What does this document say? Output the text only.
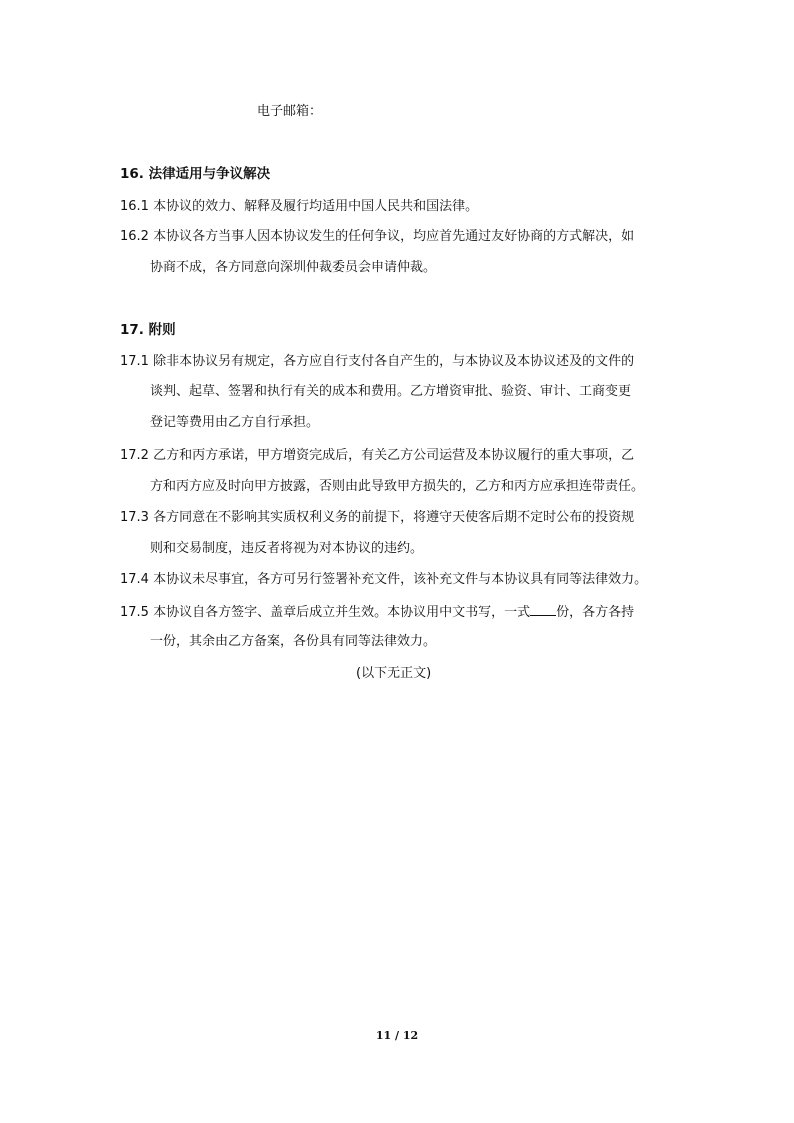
电子邮箱：
16. 法律适用与争议解决
16.1 本协议的效力、解释及履行均适用中国人民共和国法律。
16.2 本协议各方当事人因本协议发生的任何争议，均应首先通过友好协商的方式解决，如
协商不成，各方同意向深圳仲裁委员会申请仲裁。
17. 附则
17.1 除非本协议另有规定，各方应自行支付各自产生的，与本协议及本协议述及的文件的
谈判、起草、签署和执行有关的成本和费用。乙方增资审批、验资、审计、工商变更
登记等费用由乙方自行承担。
17.2 乙方和丙方承诺，甲方增资完成后，有关乙方公司运营及本协议履行的重大事项，乙
方和丙方应及时向甲方披露，否则由此导致甲方损失的，乙方和丙方应承担连带责任。
17.3 各方同意在不影响其实质权利义务的前提下，将遵守天使客后期不定时公布的投资规
则和交易制度，违反者将视为对本协议的违约。
17.4 本协议未尽事宜，各方可另行签署补充文件，该补充文件与本协议具有同等法律效力。
17.5 本协议自各方签字、盖章后成立并生效。本协议用中文书写，一式 份，各方各持
一份，其余由乙方备案，各份具有同等法律效力。
(以下无正文)
11 / 12
